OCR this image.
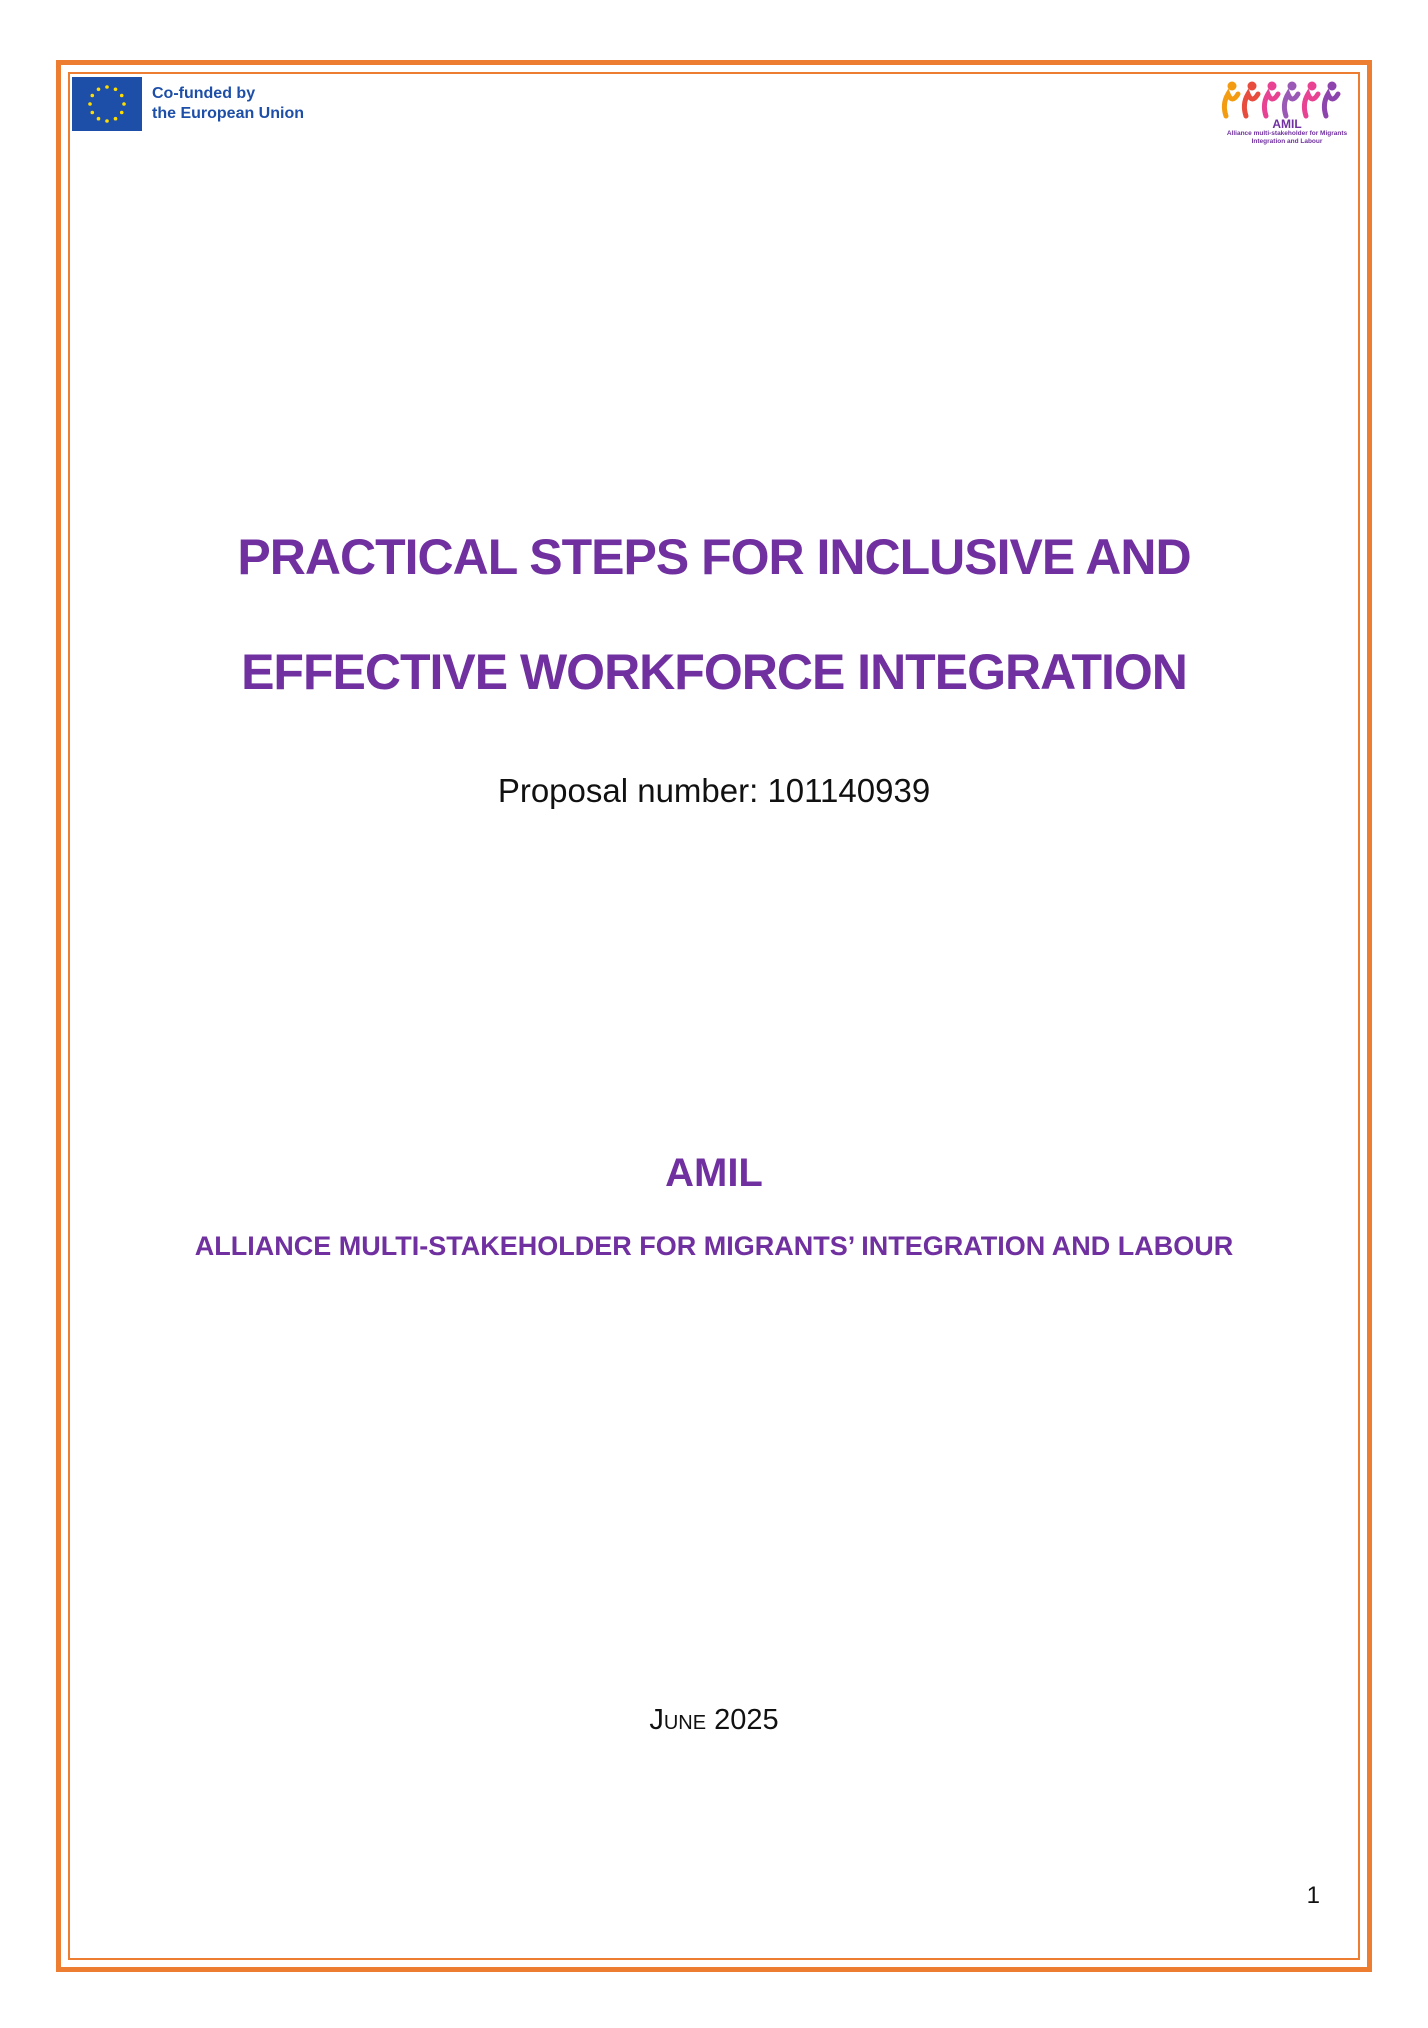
Co-funded by
the European Union
AMIL
Alliance multi-stakeholder for Migrants
Integration and Labour
PRACTICAL STEPS FOR INCLUSIVE AND
EFFECTIVE WORKFORCE INTEGRATION
Proposal number: 101140939
AMIL
ALLIANCE MULTI-STAKEHOLDER FOR MIGRANTS’ INTEGRATION AND LABOUR
June 2025
1
